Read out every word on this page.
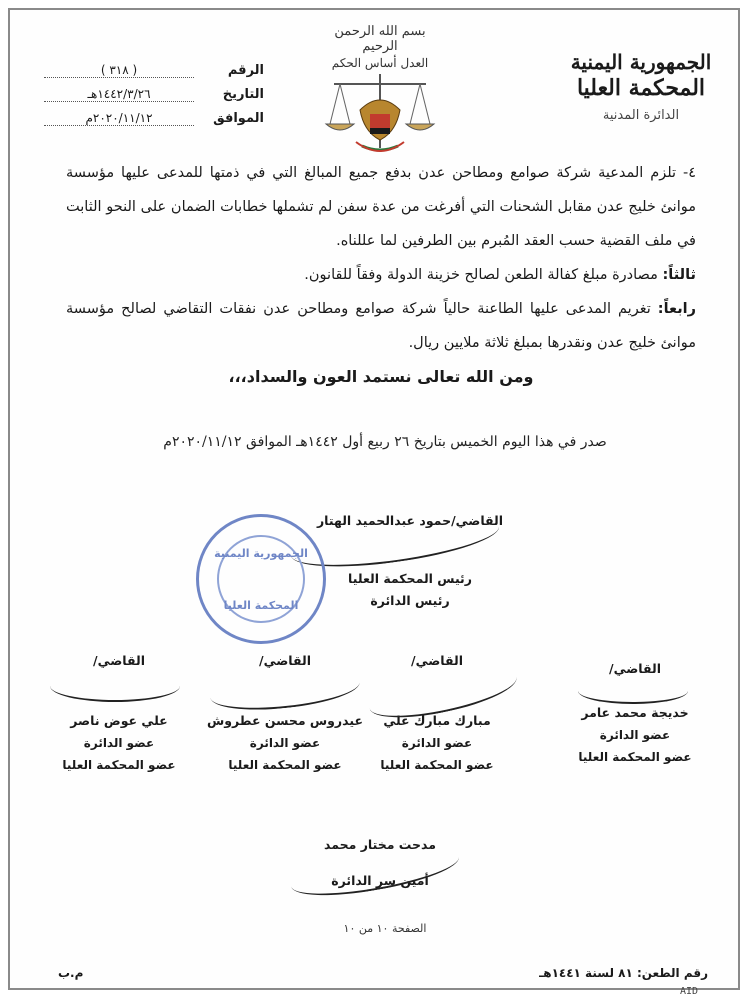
الجمهورية اليمنية
المحكمة العليا
الدائرة المدنية
بسم الله الرحمن الرحيم
العدل أساس الحكم
الرقم
( ٣١٨ )
التاريخ
١٤٤٢/٣/٢٦هـ
الموافق
٢٠٢٠/١١/١٢م

٤- تلزم المدعية شركة صوامع ومطاحن عدن بدفع جميع المبالغ التي في ذمتها للمدعى عليها مؤسسة موانئ خليج عدن مقابل الشحنات التي أفرغت من عدة سفن لم تشملها خطابات الضمان على النحو الثابت في ملف القضية حسب العقد المُبرم بين الطرفين لما عللناه.

ثالثاً: مصادرة مبلغ كفالة الطعن لصالح خزينة الدولة وفقاً للقانون.

رابعاً: تغريم المدعى عليها الطاعنة حالياً شركة صوامع ومطاحن عدن نفقات التقاضي لصالح مؤسسة موانئ خليج عدن ونقدرها بمبلغ ثلاثة ملايين ريال.

ومن الله تعالى نستمد العون والسداد،،،

صدر في هذا اليوم الخميس بتاريخ ٢٦ ربيع أول ١٤٤٢هـ الموافق ٢٠٢٠/١١/١٢م
القاضي/حمود عبدالحميد الهتار
رئيس المحكمة العليا
رئيس الدائرة
الجمهورية اليمنية
المحكمة العليا
القاضي/
خديجة محمد عامر
عضو الدائرة
عضو المحكمة العليا
القاضي/
مبارك مبارك علي
عضو الدائرة
عضو المحكمة العليا
القاضي/
عيدروس محسن عطروش
عضو الدائرة
عضو المحكمة العليا
القاضي/
علي عوض ناصر
عضو الدائرة
عضو المحكمة العليا
مدحت مختار محمد
أمين سر الدائرة
الصفحة ١٠ من ١٠
رقم الطعن: ٨١ لسنة ١٤٤١هـ
م.ب
AID
